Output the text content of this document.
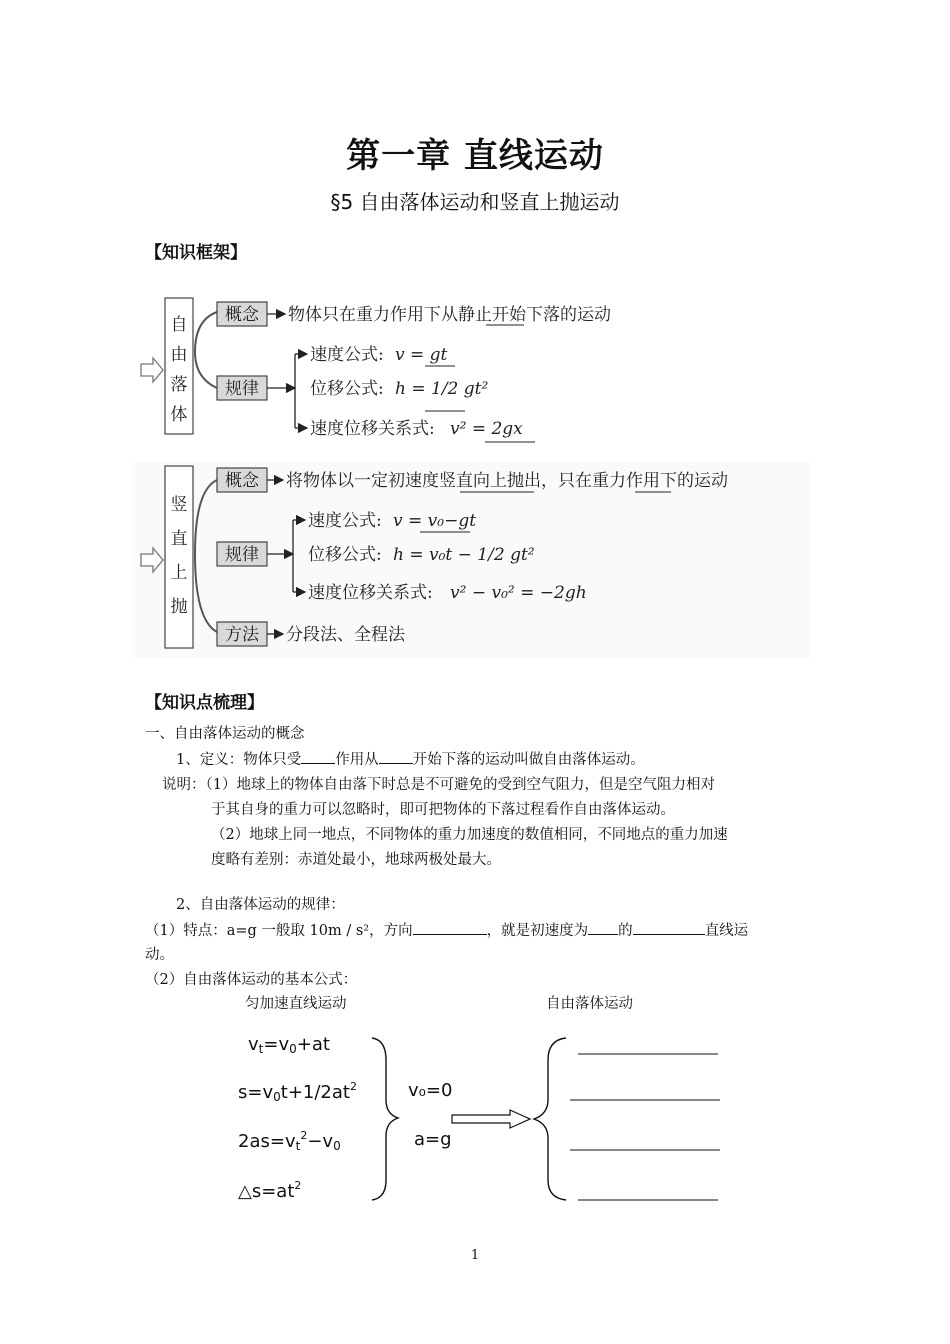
第一章 直线运动
§5 自由落体运动和竖直上抛运动
【知识框架】
自
由
落
体
概念 物体只在重力作用下从静止开始下落的运动
规律
速度公式: v = gt
位移公式: h = 1/2 gt²
速度位移关系式: v² = 2gx
竖
直
上
抛
概念 将物体以一定初速度竖直向上抛出，只在重力作用下的运动
规律
速度公式: v = v₀−gt
位移公式: h = v₀t − 1/2 gt²
速度位移关系式: v² − v₀² = −2gh
方法 分段法、全程法
【知识点梳理】
一、自由落体运动的概念
1、定义：物体只受 作用从 开始下落的运动叫做自由落体运动。
说明：（1）地球上的物体自由落下时总是不可避免的受到空气阻力，但是空气阻力相对
于其自身的重力可以忽略时，即可把物体的下落过程看作自由落体运动。
（2）地球上同一地点，不同物体的重力加速度的数值相同，不同地点的重力加速
度略有差别：赤道处最小，地球两极处最大。
2、自由落体运动的规律：
（1）特点：a=g 一般取 10m / s²，方向	，就是初速度为 的	直线运
动。
（2）自由落体运动的基本公式：
匀加速直线运动	自由落体运动
$v_t=v_0+at$
$s=v_0t+1/2at^2$
$2as=v_t^2-v_0$
$\triangle s=at^2$
v₀=0
a=g
1
